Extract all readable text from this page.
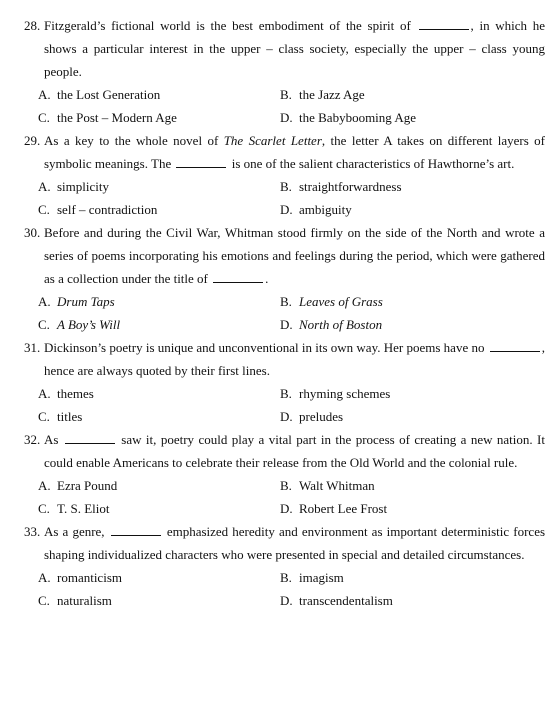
28. Fitzgerald’s fictional world is the best embodiment of the spirit of	, in which he shows a particular interest in the upper – class society, especially the upper – class young people.
A. the Lost Generation	B. the Jazz Age
C. the Post – Modern Age	D. the Babybooming Age
29. As a key to the whole novel of The Scarlet Letter, the letter A takes on different layers of symbolic meanings. The	is one of the salient characteristics of Hawthorne’s art.
A. simplicity	B. straightforwardness
C. self – contradiction	D. ambiguity
30. Before and during the Civil War, Whitman stood firmly on the side of the North and wrote a series of poems incorporating his emotions and feelings during the period, which were gathered as a collection under the title of	.
A. Drum Taps	B. Leaves of Grass
C. A Boy’s Will	D. North of Boston
31. Dickinson’s poetry is unique and unconventional in its own way. Her poems have no	, hence are always quoted by their first lines.
A. themes	B. rhyming schemes
C. titles	D. preludes
32. As	saw it, poetry could play a vital part in the process of creating a new nation. It could enable Americans to celebrate their release from the Old World and the colonial rule.
A. Ezra Pound	B. Walt Whitman
C. T. S. Eliot	D. Robert Lee Frost
33. As a genre,	emphasized heredity and environment as important deterministic forces shaping individualized characters who were presented in special and detailed circumstances.
A. romanticism	B. imagism
C. naturalism	D. transcendentalism
